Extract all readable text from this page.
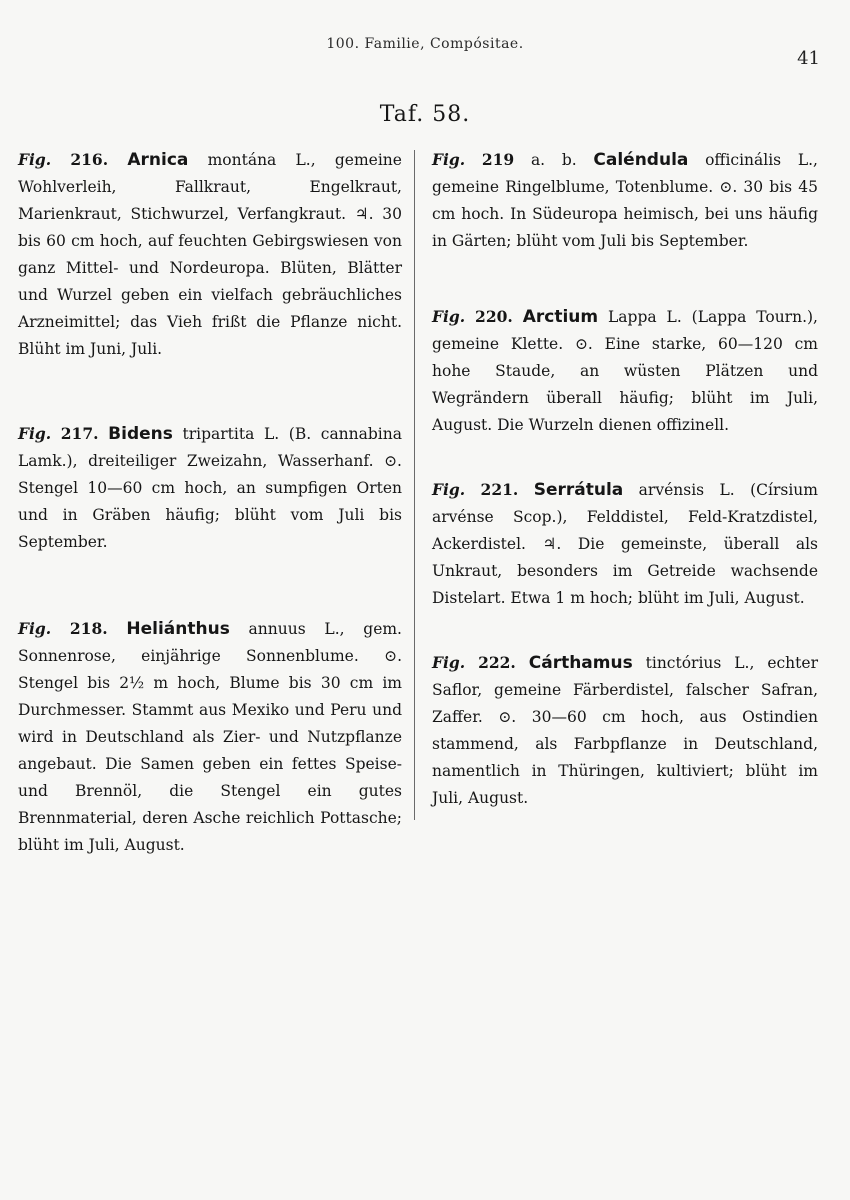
100. Familie, Compósitae.
41
Taf. 58.

Fig. 216. Arnica montána L., gemeine Wohlverleih, Fallkraut, Engelkraut, Marienkraut, Stichwurzel, Verfangkraut. ♃. 30 bis 60 cm hoch, auf feuchten Gebirgswiesen von ganz Mittel- und Nordeuropa. Blüten, Blätter und Wurzel geben ein vielfach gebräuchliches Arzneimittel; das Vieh frißt die Pflanze nicht. Blüht im Juni, Juli.

Fig. 217. Bidens tripartita L. (B. cannabina Lamk.), dreiteiliger Zweizahn, Wasserhanf. ⊙. Stengel 10—60 cm hoch, an sumpfigen Orten und in Gräben häufig; blüht vom Juli bis September.

Fig. 218. Heliánthus annuus L., gem. Sonnenrose, einjährige Sonnenblume. ⊙. Stengel bis 2½ m hoch, Blume bis 30 cm im Durchmesser. Stammt aus Mexiko und Peru und wird in Deutschland als Zier- und Nutzpflanze angebaut. Die Samen geben ein fettes Speise- und Brennöl, die Stengel ein gutes Brennmaterial, deren Asche reichlich Pottasche; blüht im Juli, August.

Fig. 219 a. b. Caléndula officinális L., gemeine Ringelblume, Totenblume. ⊙. 30 bis 45 cm hoch. In Südeuropa heimisch, bei uns häufig in Gärten; blüht vom Juli bis September.

Fig. 220. Arctium Lappa L. (Lappa Tourn.), gemeine Klette. ⊙. Eine starke, 60—120 cm hohe Staude, an wüsten Plätzen und Wegrändern überall häufig; blüht im Juli, August. Die Wurzeln dienen offizinell.

Fig. 221. Serrátula arvénsis L. (Círsium arvénse Scop.), Felddistel, Feld-Kratzdistel, Ackerdistel. ♃. Die gemeinste, überall als Unkraut, besonders im Getreide wachsende Distelart. Etwa 1 m hoch; blüht im Juli, August.

Fig. 222. Cárthamus tinctórius L., echter Saflor, gemeine Färberdistel, falscher Safran, Zaffer. ⊙. 30—60 cm hoch, aus Ostindien stammend, als Farbpflanze in Deutschland, namentlich in Thüringen, kultiviert; blüht im Juli, August.
